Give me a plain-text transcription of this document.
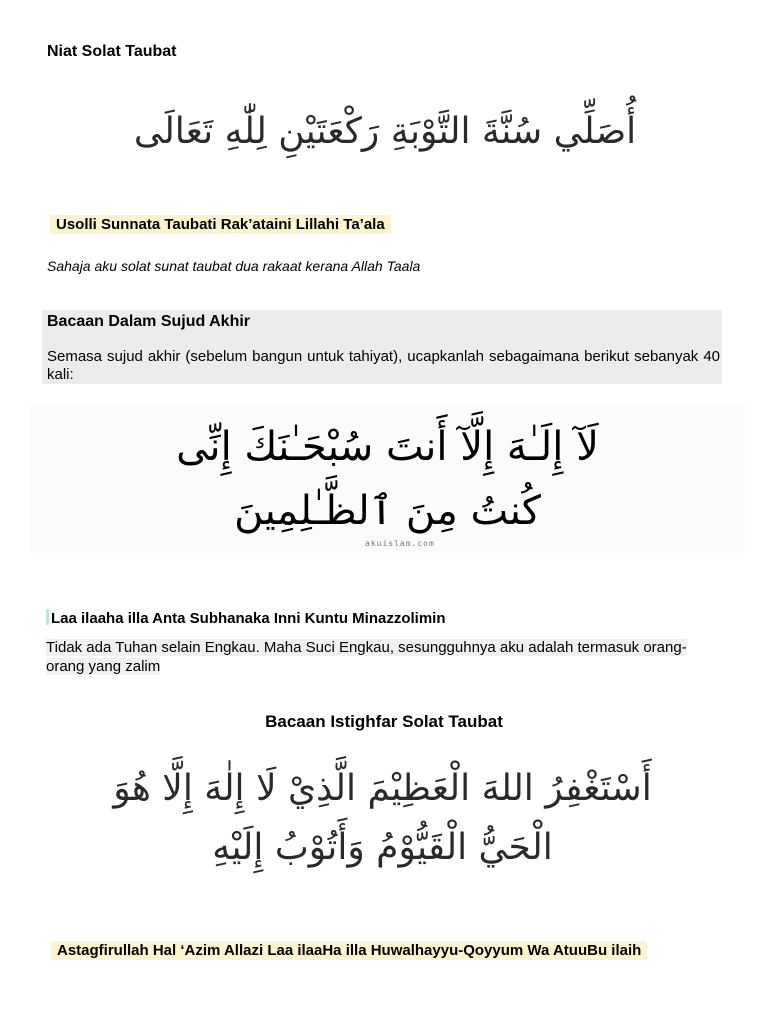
Niat Solat Taubat
أُصَلِّي سُنَّةَ التَّوْبَةِ رَكْعَتَيْنِ لِلّٰهِ تَعَالَى
Usolli Sunnata Taubati Rak’ataini Lillahi Ta’ala
Sahaja aku solat sunat taubat dua rakaat kerana Allah Taala
Bacaan Dalam Sujud Akhir
Semasa sujud akhir (sebelum bangun untuk tahiyat), ucapkanlah sebagaimana berikut sebanyak 40 kali:
لَآ إِلَـٰهَ إِلَّآ أَنتَ سُبْحَـٰنَكَ إِنِّى
كُنتُ مِنَ ٱلظَّـٰلِمِينَ
akuislam.com
Laa ilaaha illa Anta Subhanaka Inni Kuntu Minazzolimin
Tidak ada Tuhan selain Engkau. Maha Suci Engkau, sesungguhnya aku adalah termasuk orang-orang yang zalim
Bacaan Istighfar Solat Taubat
أَسْتَغْفِرُ اللهَ الْعَظِيْمَ الَّذِيْ لَا إِلٰهَ إِلَّا هُوَ
الْحَيُّ الْقَيُّوْمُ وَأَتُوْبُ إِلَيْهِ
Astagfirullah Hal ‘Azim Allazi Laa ilaaHa illa Huwalhayyu-Qoyyum Wa AtuuBu ilaih
